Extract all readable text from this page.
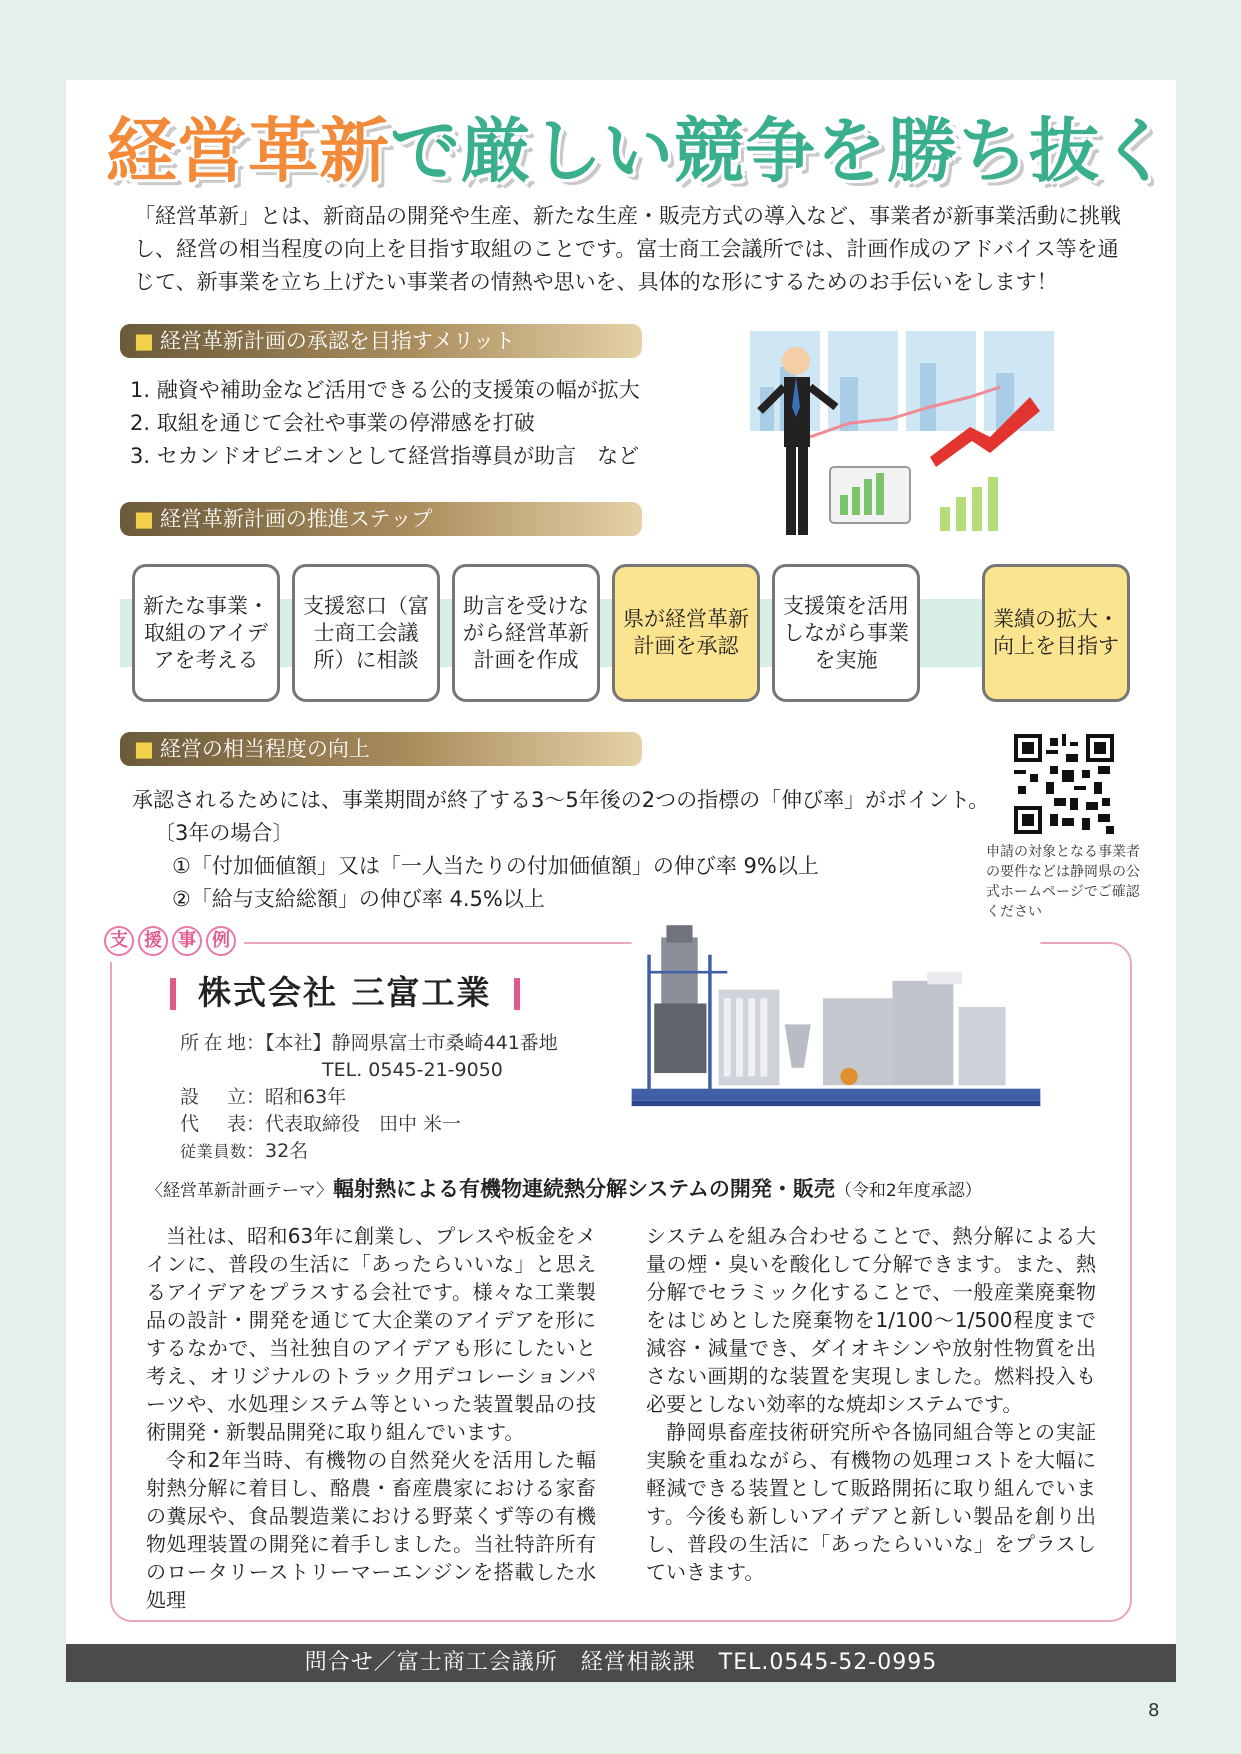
経営革新で厳しい競争を勝ち抜く

「経営革新」とは、新商品の開発や生産、新たな生産・販売方式の導入など、事業者が新事業活動に挑戦

し、経営の相当程度の向上を目指す取組のことです。富士商工会議所では、計画作成のアドバイス等を通

じて、新事業を立ち上げたい事業者の情熱や思いを、具体的な形にするためのお手伝いをします！

■ 経営革新計画の承認を目指すメリット
1. 融資や補助金など活用できる公的支援策の幅が拡大
2. 取組を通じて会社や事業の停滞感を打破
3. セカンドオピニオンとして経営指導員が助言　など
■ 経営革新計画の推進ステップ
新たな事業・取組のアイデアを考える
支援窓口（富士商工会議所）に相談
助言を受けながら経営革新計画を作成
県が経営革新計画を承認
支援策を活用しながら事業を実施
業績の拡大・向上を目指す
■ 経営の相当程度の向上
承認されるためには、事業期間が終了する3～5年後の2つの指標の「伸び率」がポイント。
〔3年の場合〕
①「付加価値額」又は「一人当たりの付加価値額」の伸び率 9%以上
②「給与支給総額」の伸び率 4.5%以上
申請の対象となる事業者の要件などは静岡県の公式ホームページでご確認ください
支 援 事 例
株式会社 三富工業
所在地：【本社】静岡県富士市桑崎441番地
TEL. 0545-21-9050
設　立：昭和63年
代　表：代表取締役　田中 米一
従業員数：32名
〈経営革新計画テーマ〉輻射熱による有機物連続熱分解システムの開発・販売（令和2年度承認）

当社は、昭和63年に創業し、プレスや板金をメインに、普段の生活に「あったらいいな」と思えるアイデアをプラスする会社です。様々な工業製品の設計・開発を通じて大企業のアイデアを形にするなかで、当社独自のアイデアも形にしたいと考え、オリジナルのトラック用デコレーションパーツや、水処理システム等といった装置製品の技術開発・新製品開発に取り組んでいます。

令和2年当時、有機物の自然発火を活用した輻射熱分解に着目し、酪農・畜産農家における家畜の糞尿や、食品製造業における野菜くず等の有機物処理装置の開発に着手しました。当社特許所有のロータリーストリーマーエンジンを搭載した水処理

システムを組み合わせることで、熱分解による大量の煙・臭いを酸化して分解できます。また、熱分解でセラミック化することで、一般産業廃棄物をはじめとした廃棄物を1/100～1/500程度まで減容・減量でき、ダイオキシンや放射性物質を出さない画期的な装置を実現しました。燃料投入も必要としない効率的な焼却システムです。

静岡県畜産技術研究所や各協同組合等との実証実験を重ねながら、有機物の処理コストを大幅に軽減できる装置として販路開拓に取り組んでいます。今後も新しいアイデアと新しい製品を創り出し、普段の生活に「あったらいいな」をプラスしていきます。

問合せ／富士商工会議所　経営相談課　TEL.0545-52-0995
8
